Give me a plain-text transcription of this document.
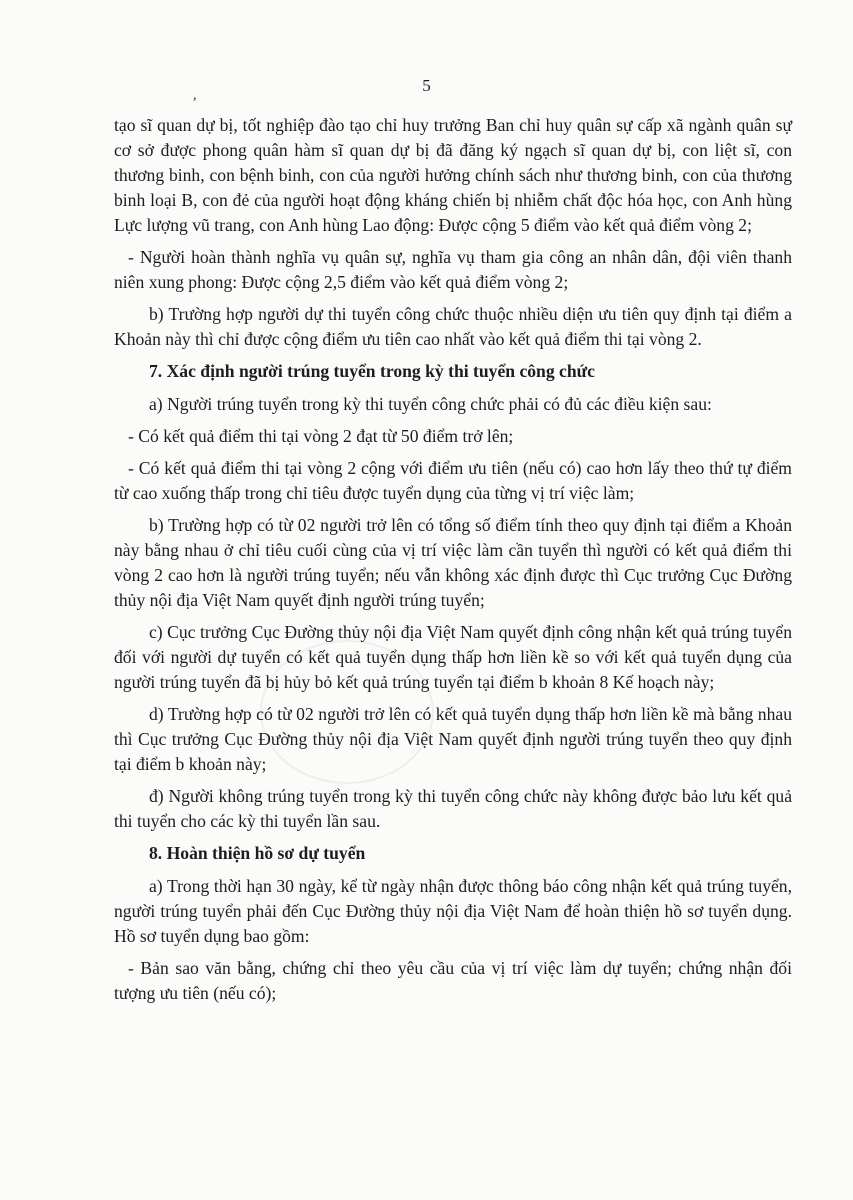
5
,

tạo sĩ quan dự bị, tốt nghiệp đào tạo chỉ huy trưởng Ban chỉ huy quân sự cấp xã ngành quân sự cơ sở được phong quân hàm sĩ quan dự bị đã đăng ký ngạch sĩ quan dự bị, con liệt sĩ, con thương binh, con bệnh binh, con của người hưởng chính sách như thương binh, con của thương binh loại B, con đẻ của người hoạt động kháng chiến bị nhiễm chất độc hóa học, con Anh hùng Lực lượng vũ trang, con Anh hùng Lao động: Được cộng 5 điểm vào kết quả điểm vòng 2;

- Người hoàn thành nghĩa vụ quân sự, nghĩa vụ tham gia công an nhân dân, đội viên thanh niên xung phong: Được cộng 2,5 điểm vào kết quả điểm vòng 2;

b) Trường hợp người dự thi tuyển công chức thuộc nhiều diện ưu tiên quy định tại điểm a Khoản này thì chỉ được cộng điểm ưu tiên cao nhất vào kết quả điểm thi tại vòng 2.

7. Xác định người trúng tuyển trong kỳ thi tuyển công chức

a) Người trúng tuyển trong kỳ thi tuyển công chức phải có đủ các điều kiện sau:

- Có kết quả điểm thi tại vòng 2 đạt từ 50 điểm trở lên;

- Có kết quả điểm thi tại vòng 2 cộng với điểm ưu tiên (nếu có) cao hơn lấy theo thứ tự điểm từ cao xuống thấp trong chỉ tiêu được tuyển dụng của từng vị trí việc làm;

b) Trường hợp có từ 02 người trở lên có tổng số điểm tính theo quy định tại điểm a Khoản này bằng nhau ở chỉ tiêu cuối cùng của vị trí việc làm cần tuyển thì người có kết quả điểm thi vòng 2 cao hơn là người trúng tuyển; nếu vẫn không xác định được thì Cục trưởng Cục Đường thủy nội địa Việt Nam quyết định người trúng tuyển;

c) Cục trưởng Cục Đường thủy nội địa Việt Nam quyết định công nhận kết quả trúng tuyển đối với người dự tuyển có kết quả tuyển dụng thấp hơn liền kề so với kết quả tuyển dụng của người trúng tuyển đã bị hủy bỏ kết quả trúng tuyển tại điểm b khoản 8 Kế hoạch này;

d) Trường hợp có từ 02 người trở lên có kết quả tuyển dụng thấp hơn liền kề mà bằng nhau thì Cục trưởng Cục Đường thủy nội địa Việt Nam quyết định người trúng tuyển theo quy định tại điểm b khoản này;

đ) Người không trúng tuyển trong kỳ thi tuyển công chức này không được bảo lưu kết quả thi tuyển cho các kỳ thi tuyển lần sau.

8. Hoàn thiện hồ sơ dự tuyển

a) Trong thời hạn 30 ngày, kể từ ngày nhận được thông báo công nhận kết quả trúng tuyển, người trúng tuyển phải đến Cục Đường thủy nội địa Việt Nam để hoàn thiện hồ sơ tuyển dụng. Hồ sơ tuyển dụng bao gồm:

- Bản sao văn bằng, chứng chỉ theo yêu cầu của vị trí việc làm dự tuyển; chứng nhận đối tượng ưu tiên (nếu có);
